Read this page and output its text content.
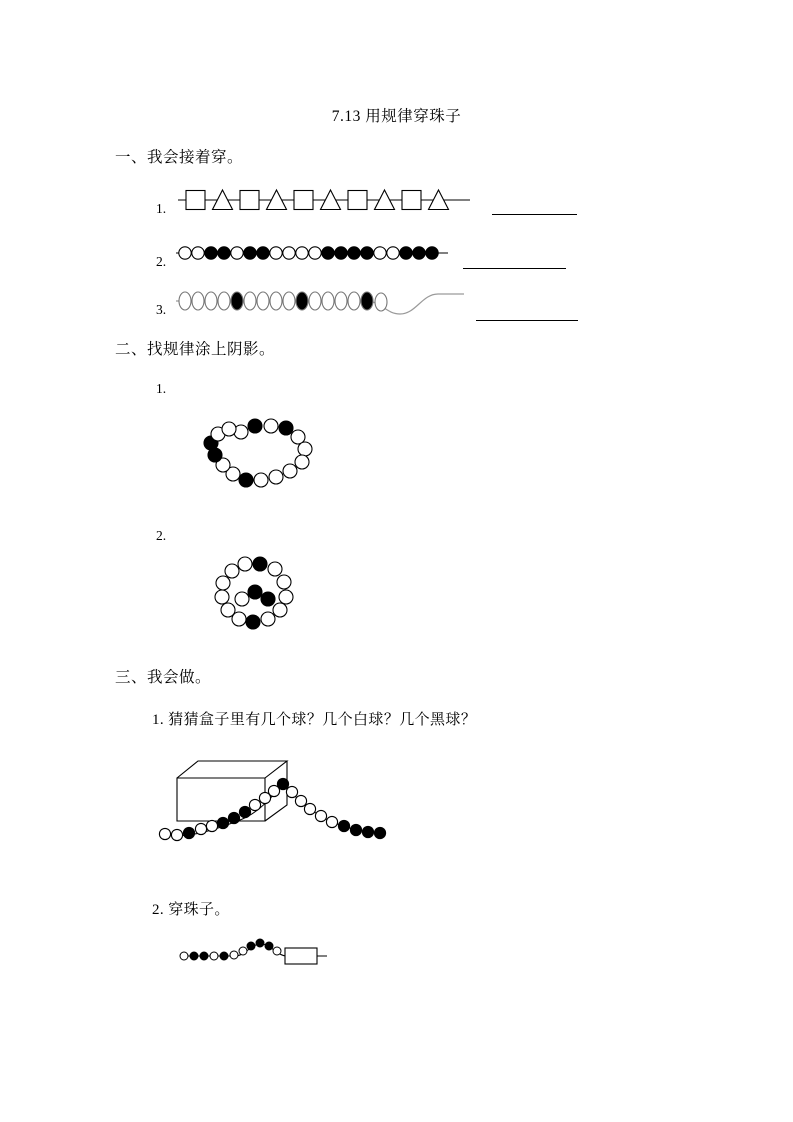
7.13 用规律穿珠子
一、我会接着穿。
1.
2.
3.
二、找规律涂上阴影。
1.
2.
三、我会做。
1. 猜猜盒子里有几个球？几个白球？几个黑球？
2. 穿珠子。
